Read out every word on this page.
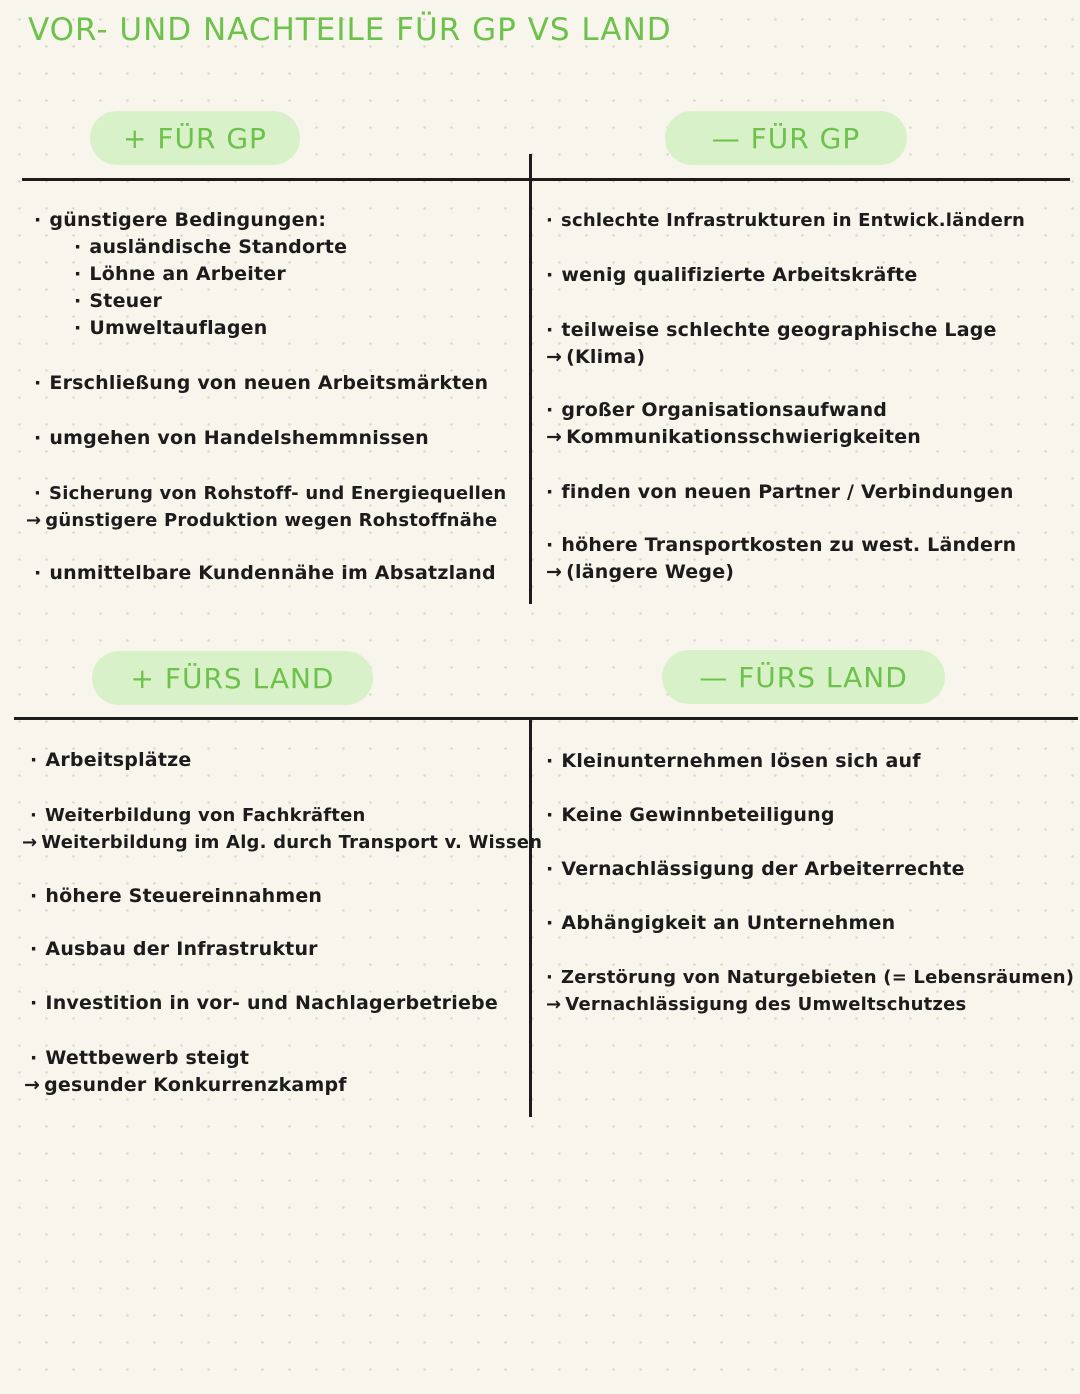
VOR- UND NACHTEILE FÜR GP VS LAND
+ FÜR GP	— FÜR GP
+ FÜRS LAND	— FÜRS LAND
· günstigere Bedingungen:
· ausländische Standorte
· Löhne an Arbeiter
· Steuer
· Umweltauflagen
· Erschließung von neuen Arbeitsmärkten
· umgehen von Handelshemmnissen
· Sicherung von Rohstoff- und Energiequellen
→ günstigere Produktion wegen Rohstoffnähe
· unmittelbare Kundennähe im Absatzland
· schlechte Infrastrukturen in Entwick.ländern
· wenig qualifizierte Arbeitskräfte
· teilweise schlechte geographische Lage
→ (Klima)
· großer Organisationsaufwand
→ Kommunikationsschwierigkeiten
· finden von neuen Partner / Verbindungen
· höhere Transportkosten zu west. Ländern
→ (längere Wege)
· Arbeitsplätze
· Weiterbildung von Fachkräften
→ Weiterbildung im Alg. durch Transport v. Wissen
· höhere Steuereinnahmen
· Ausbau der Infrastruktur
· Investition in vor- und Nachlagerbetriebe
· Wettbewerb steigt
→ gesunder Konkurrenzkampf
· Kleinunternehmen lösen sich auf
· Keine Gewinnbeteiligung
· Vernachlässigung der Arbeiterrechte
· Abhängigkeit an Unternehmen
· Zerstörung von Naturgebieten (= Lebensräumen)
→ Vernachlässigung des Umweltschutzes
